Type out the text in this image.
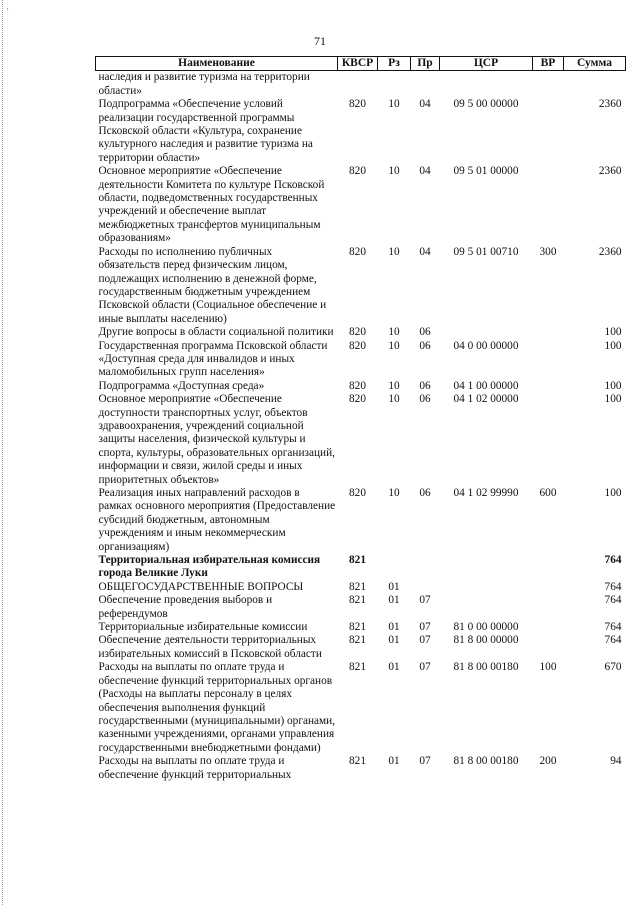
·
71
Наименование	КВСР	Рз	Пр	ЦСР	ВР	Сумма
наследия и развитие туризма на территории области»						
Подпрограмма «Обеспечение условий реализации государственной программы Псковской области «Культура, сохранение культурного наследия и развитие туризма на территории области»	820	10	04	09 5 00 00000		2360
Основное мероприятие «Обеспечение деятельности Комитета по культуре Псковской области, подведомственных государственных учреждений и обеспечение выплат межбюджетных трансфертов муниципальным образованиям»	820	10	04	09 5 01 00000		2360
Расходы по исполнению публичных обязательств перед физическим лицом, подлежащих исполнению в денежной форме, государственным бюджетным учреждением Псковской области (Социальное обеспечение и иные выплаты населению)	820	10	04	09 5 01 00710	300	2360
Другие вопросы в области социальной политики	820	10	06			100
Государственная программа Псковской области «Доступная среда для инвалидов и иных маломобильных групп населения»	820	10	06	04 0 00 00000		100
Подпрограмма «Доступная среда»	820	10	06	04 1 00 00000		100
Основное мероприятие «Обеспечение доступности транспортных услуг, объектов здравоохранения, учреждений социальной защиты населения, физической культуры и спорта, культуры, образовательных организаций, информации и связи, жилой среды и иных приоритетных объектов»	820	10	06	04 1 02 00000		100
Реализация иных направлений расходов в рамках основного мероприятия (Предоставление субсидий бюджетным, автономным учреждениям и иным некоммерческим организациям)	820	10	06	04 1 02 99990	600	100
Территориальная избирательная комиссия города Великие Луки	821					764
ОБЩЕГОСУДАРСТВЕННЫЕ ВОПРОСЫ	821	01				764
Обеспечение проведения выборов и референдумов	821	01	07			764
Территориальные избирательные комиссии	821	01	07	81 0 00 00000		764
Обеспечение деятельности территориальных избирательных комиссий в Псковской области	821	01	07	81 8 00 00000		764
Расходы на выплаты по оплате труда и обеспечение функций территориальных органов (Расходы на выплаты персоналу в целях обеспечения выполнения функций государственными (муниципальными) органами, казенными учреждениями, органами управления государственными внебюджетными фондами)	821	01	07	81 8 00 00180	100	670
Расходы на выплаты по оплате труда и обеспечение функций территориальных	821	01	07	81 8 00 00180	200	94
